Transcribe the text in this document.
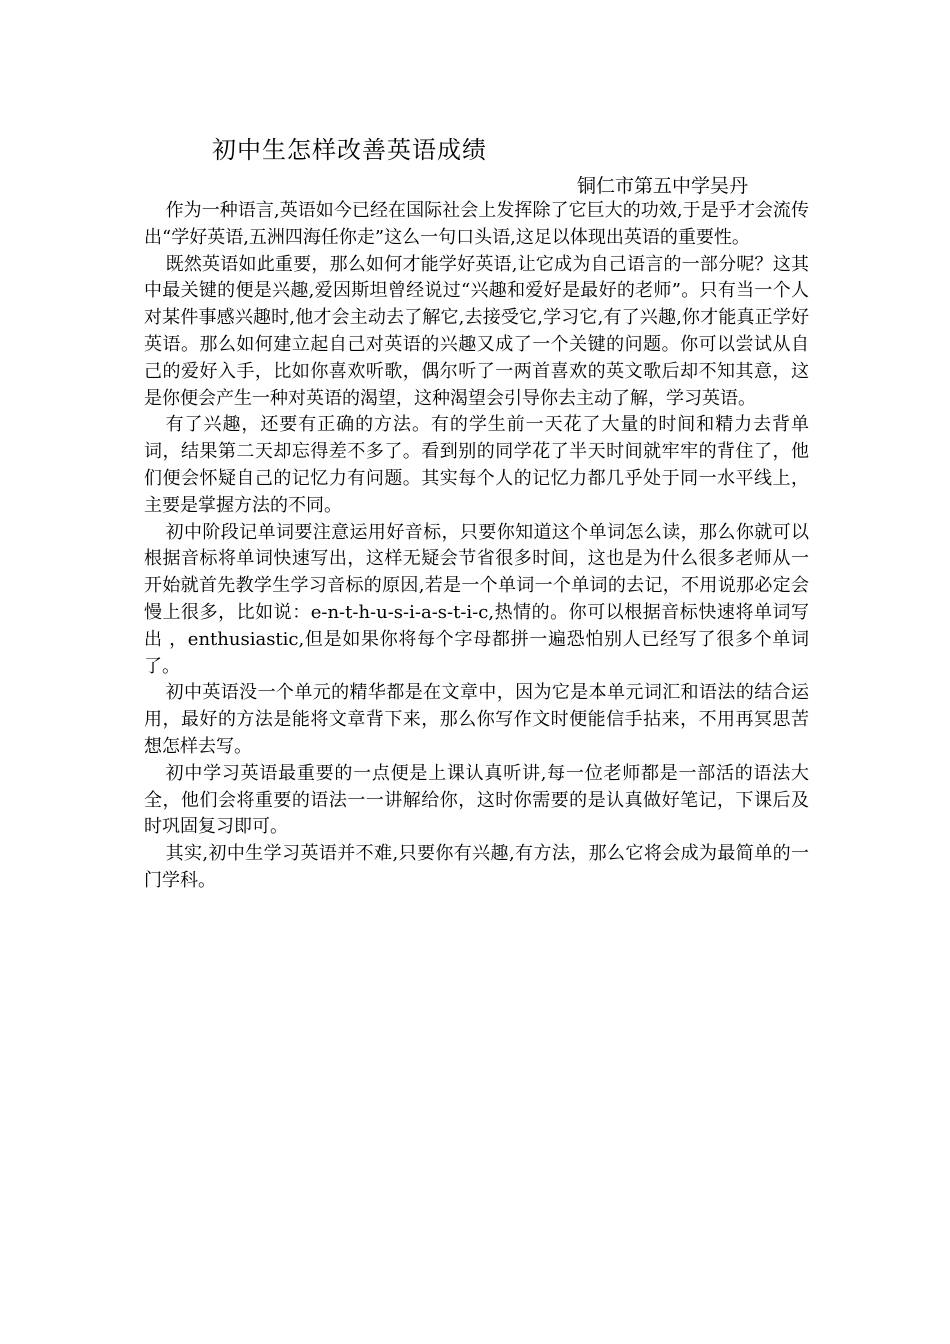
初中生怎样改善英语成绩
铜仁市第五中学吴丹

作为一种语言,英语如今已经在国际社会上发挥除了它巨大的功效,于是乎才会流传出“学好英语,五洲四海任你走”这么一句口头语,这足以体现出英语的重要性。

既然英语如此重要，那么如何才能学好英语,让它成为自己语言的一部分呢？这其中最关键的便是兴趣,爱因斯坦曾经说过“兴趣和爱好是最好的老师”。只有当一个人对某件事感兴趣时,他才会主动去了解它,去接受它,学习它,有了兴趣,你才能真正学好英语。那么如何建立起自己对英语的兴趣又成了一个关键的问题。你可以尝试从自己的爱好入手，比如你喜欢听歌，偶尔听了一两首喜欢的英文歌后却不知其意，这是你便会产生一种对英语的渴望，这种渴望会引导你去主动了解，学习英语。

有了兴趣，还要有正确的方法。有的学生前一天花了大量的时间和精力去背单词，结果第二天却忘得差不多了。看到别的同学花了半天时间就牢牢的背住了，他们便会怀疑自己的记忆力有问题。其实每个人的记忆力都几乎处于同一水平线上，主要是掌握方法的不同。

初中阶段记单词要注意运用好音标，只要你知道这个单词怎么读，那么你就可以根据音标将单词快速写出，这样无疑会节省很多时间，这也是为什么很多老师从一开始就首先教学生学习音标的原因,若是一个单词一个单词的去记，不用说那必定会慢上很多，比如说：e-n-t-h-u-s-i-a-s-t-i-c,热情的。你可以根据音标快速将单词写出 ，enthusiastic,但是如果你将每个字母都拼一遍恐怕别人已经写了很多个单词了。

初中英语没一个单元的精华都是在文章中，因为它是本单元词汇和语法的结合运用，最好的方法是能将文章背下来，那么你写作文时便能信手拈来，不用再冥思苦想怎样去写。

初中学习英语最重要的一点便是上课认真听讲,每一位老师都是一部活的语法大全，他们会将重要的语法一一讲解给你，这时你需要的是认真做好笔记，下课后及时巩固复习即可。

其实,初中生学习英语并不难,只要你有兴趣,有方法，那么它将会成为最简单的一门学科。
